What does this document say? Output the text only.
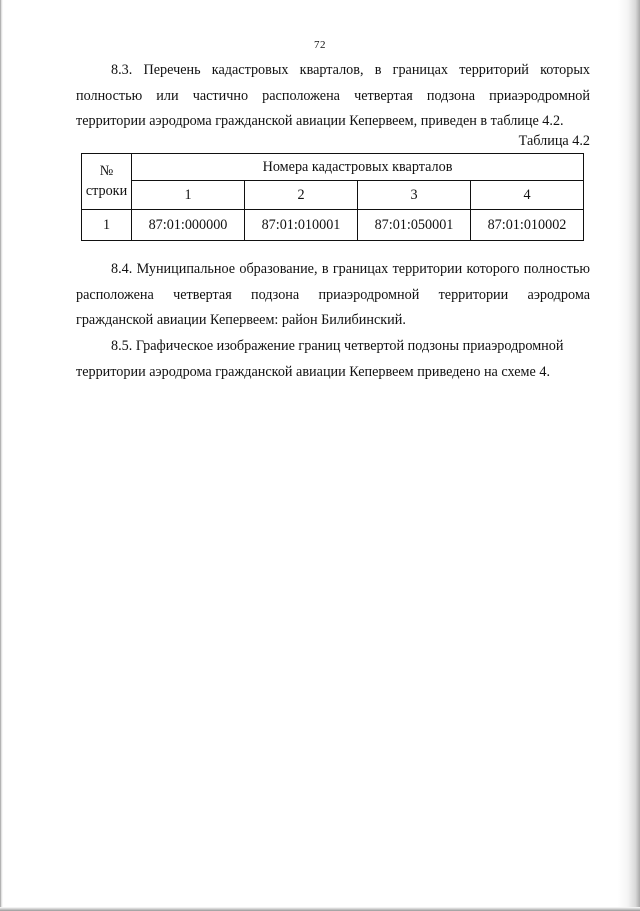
72

8.3. Перечень кадастровых кварталов, в границах территорий которых
полностью или частично расположена четвертая подзона приаэродромной
территории аэродрома гражданской авиации Кепервеем, приведен в таблице 4.2.

Таблица 4.2
№
строки	Номера кадастровых кварталов			
	1	2	3	4
1	87:01:000000	87:01:010001	87:01:050001	87:01:010002

8.4. Муниципальное образование, в границах территории которого полностью
расположена четвертая подзона приаэродромной территории аэродрома
гражданской авиации Кепервеем: район Билибинский.

8.5. Графическое изображение границ четвертой подзоны приаэродромной
территории аэродрома гражданской авиации Кепервеем приведено на схеме 4.
